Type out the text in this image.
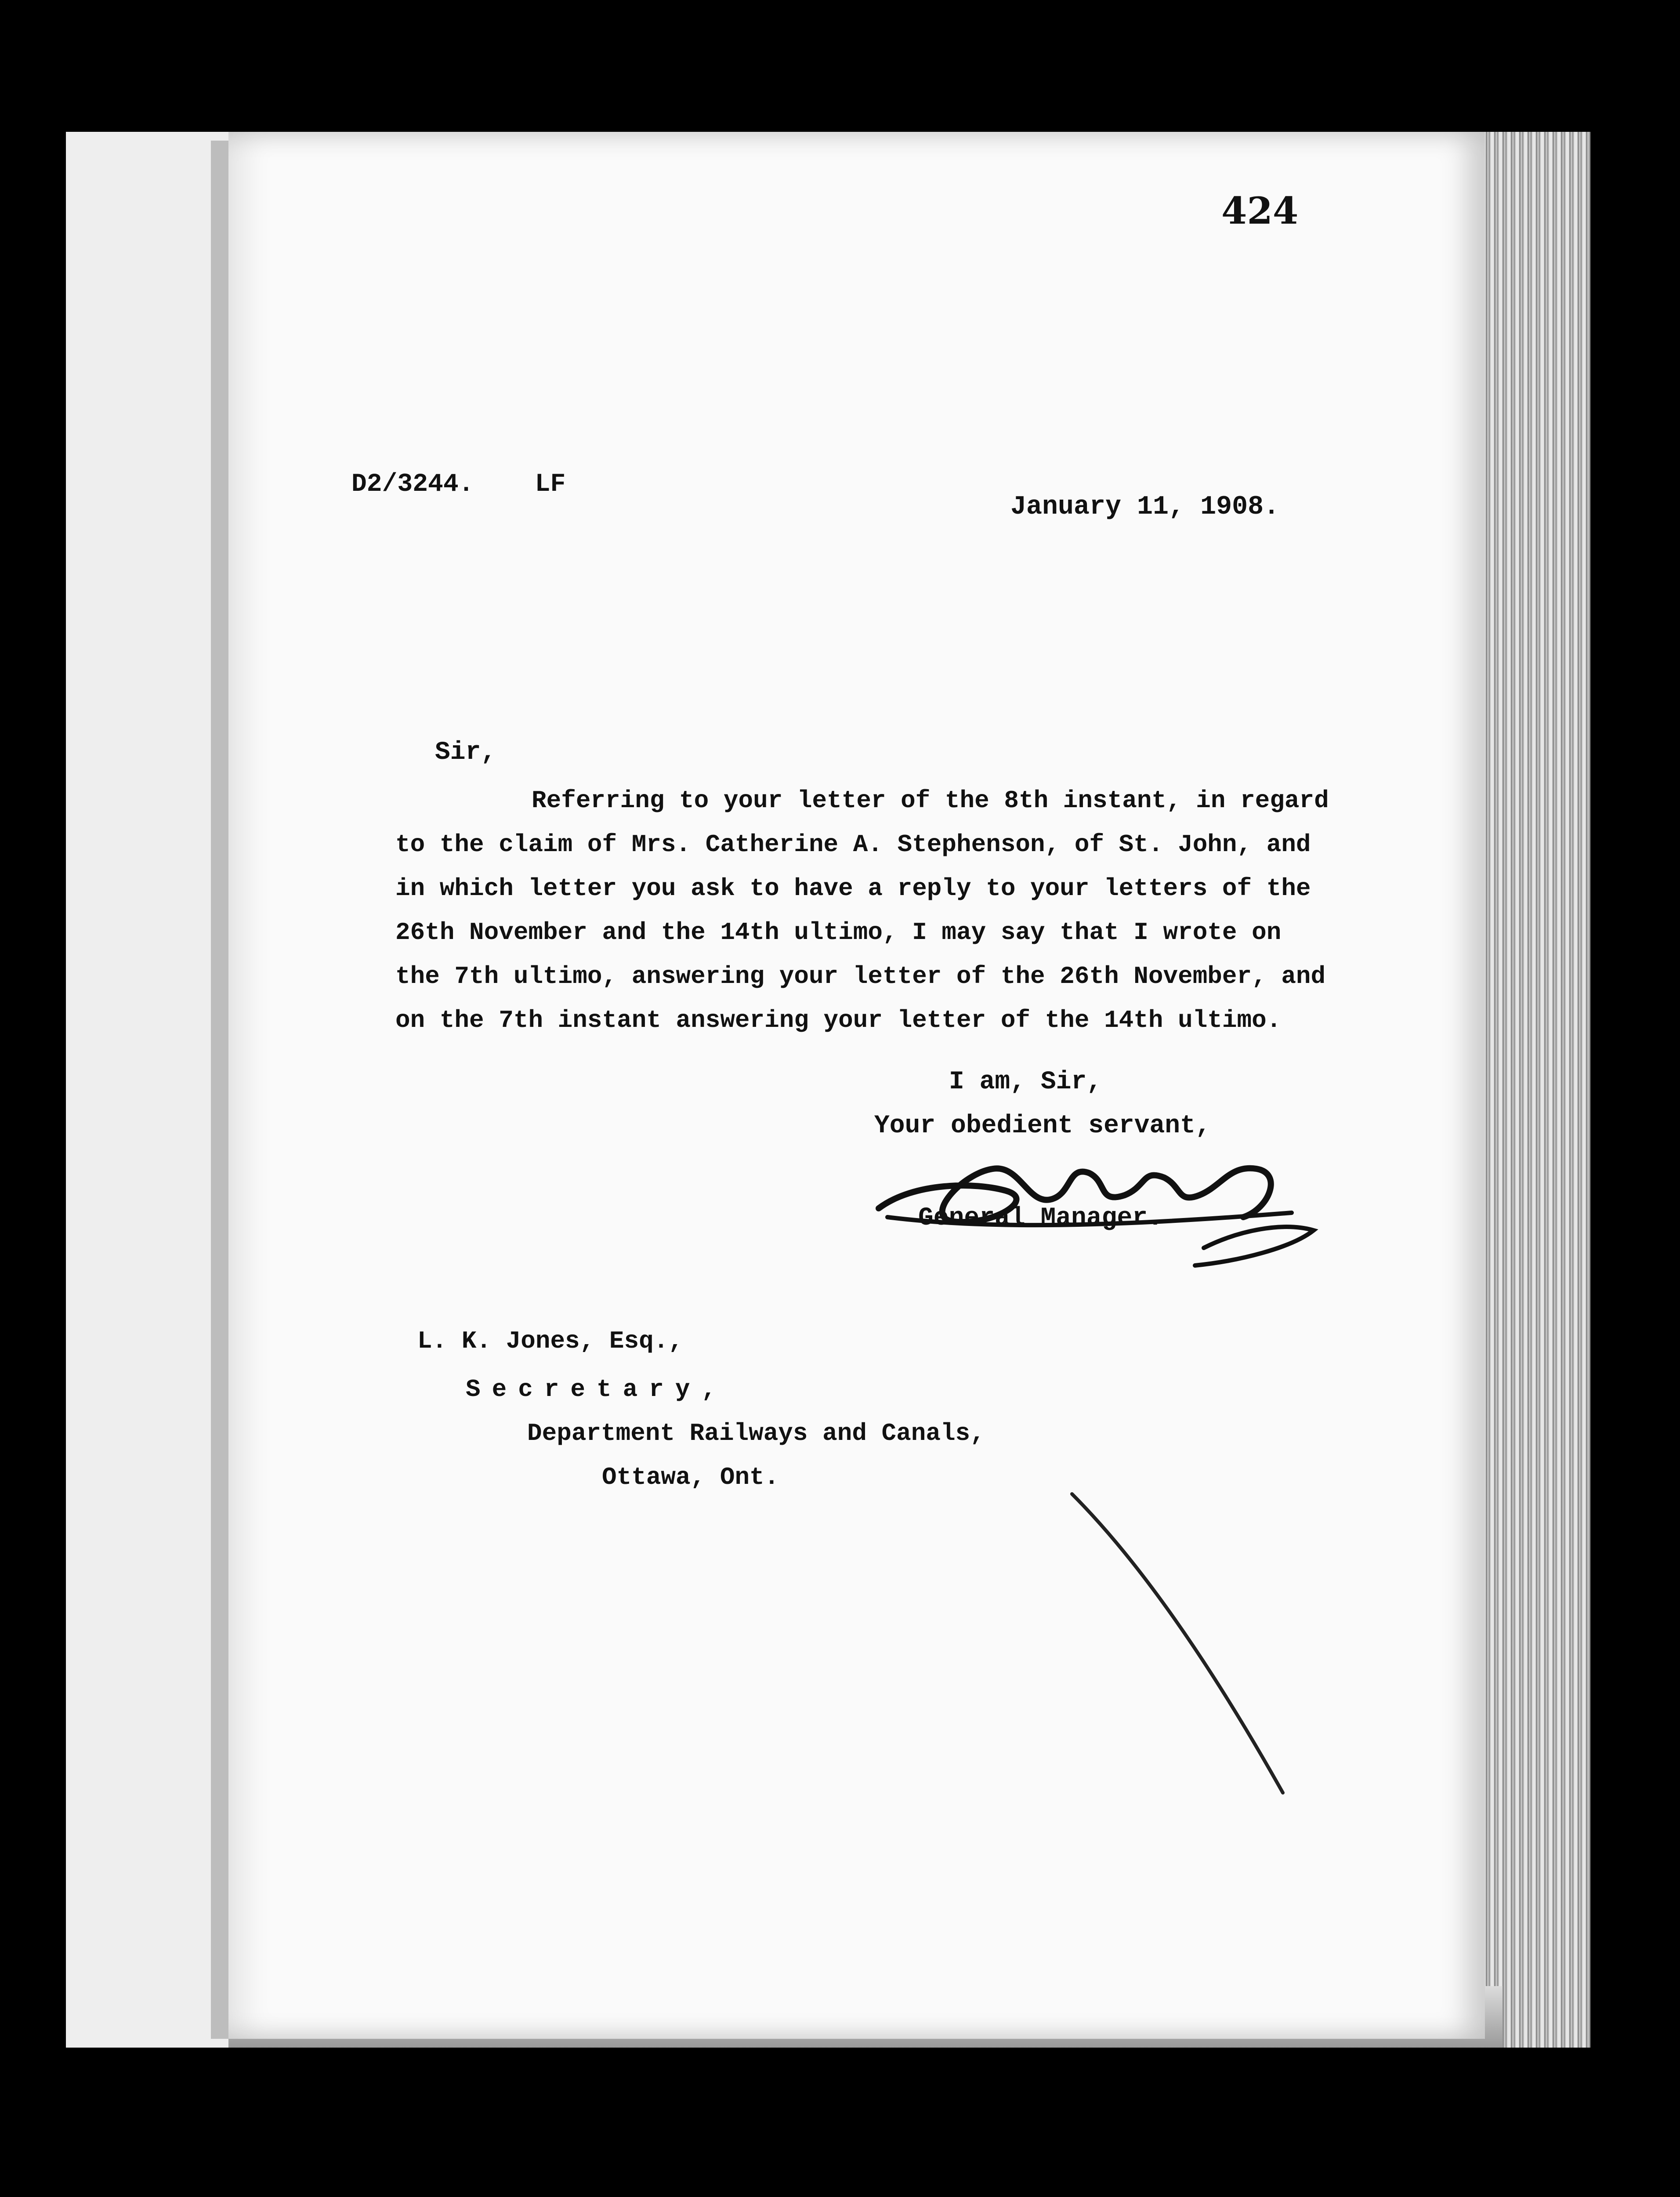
424
D2/3244.    LF
January 11, 1908.
Sir,
Referring to your letter of the 8th instant, in regard
to the claim of Mrs. Catherine A. Stephenson, of St. John, and
in which letter you ask to have a reply to your letters of the
26th November and the 14th ultimo, I may say that I wrote on
the 7th ultimo, answering your letter of the 26th November, and
on the 7th instant answering your letter of the 14th ultimo.
I am, Sir,
Your obedient servant,
General Manager.
L. K. Jones, Esq.,
Secretary,
Department Railways and Canals,
Ottawa, Ont.
